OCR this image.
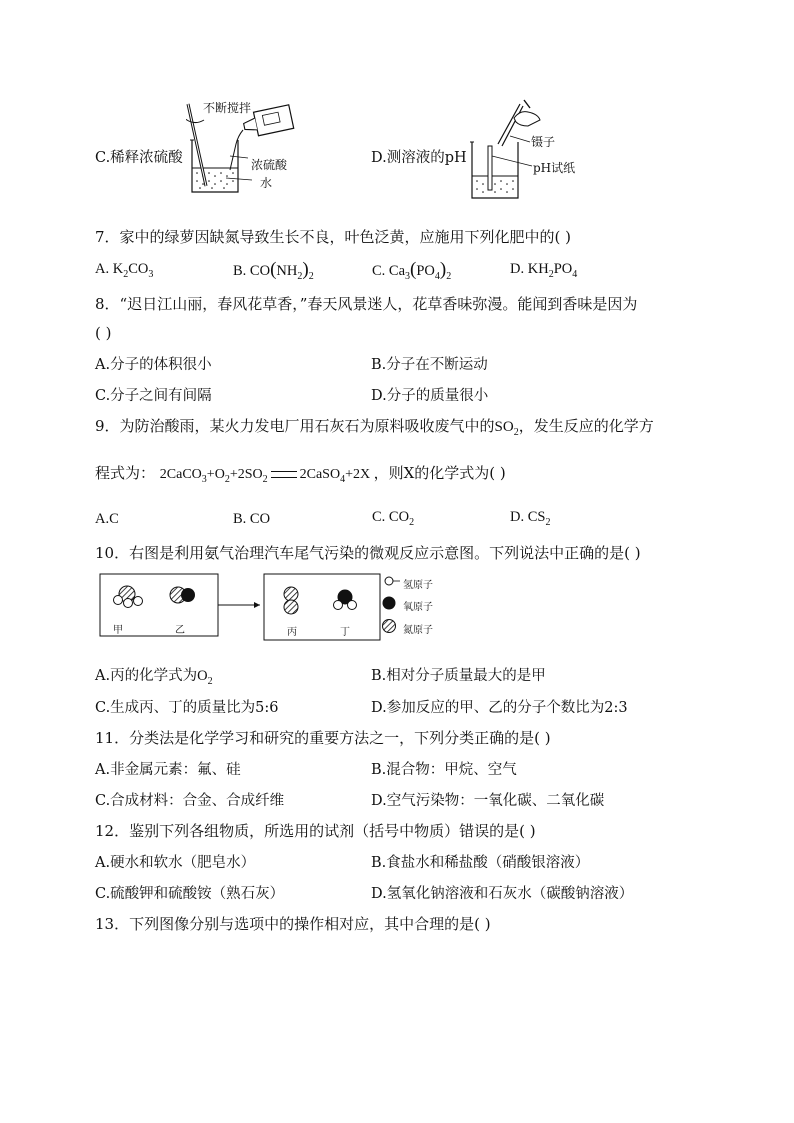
C.稀释浓硫酸
不断搅拌
浓硫酸
水
D.测溶液的pH
镊子
pH试纸
7．家中的绿萝因缺氮导致生长不良，叶色泛黄，应施用下列化肥中的( )
A. $K_2CO_3$	B. $CO(NH_2)_2$	C. $Ca_3(PO_4)_2$	D. $KH_2PO_4$
8．“迟日江山丽，春风花草香，”春天风景迷人，花草香味弥漫。能闻到香味是因为
( )
A.分子的体积很小	B.分子在不断运动
C.分子之间有间隔	D.分子的质量很小
9．为防治酸雨，某火力发电厂用石灰石为原料吸收废气中的$SO_2$，发生反应的化学方
程式为： $2CaCO_3+O_2+2SO_2$ 2CaSO$_4$+2X ，则X的化学式为( )
A.C	B. CO	C. $CO_2$	D. $CS_2$
10．右图是利用氨气治理汽车尾气污染的微观反应示意图。下列说法中正确的是( )
甲	乙	丙	丁
氢原子
氧原子
氮原子
A.丙的化学式为$O_2$	B.相对分子质量最大的是甲
C.生成丙、丁的质量比为5:6	D.参加反应的甲、乙的分子个数比为2:3
11．分类法是化学学习和研究的重要方法之一，下列分类正确的是( )
A.非金属元素：氟、硅	B.混合物：甲烷、空气
C.合成材料：合金、合成纤维	D.空气污染物：一氧化碳、二氧化碳
12．鉴别下列各组物质，所选用的试剂（括号中物质）错误的是( )
A.硬水和软水（肥皂水）	B.食盐水和稀盐酸（硝酸银溶液）
C.硫酸钾和硫酸铵（熟石灰）	D.氢氧化钠溶液和石灰水（碳酸钠溶液）
13．下列图像分别与选项中的操作相对应，其中合理的是( )
